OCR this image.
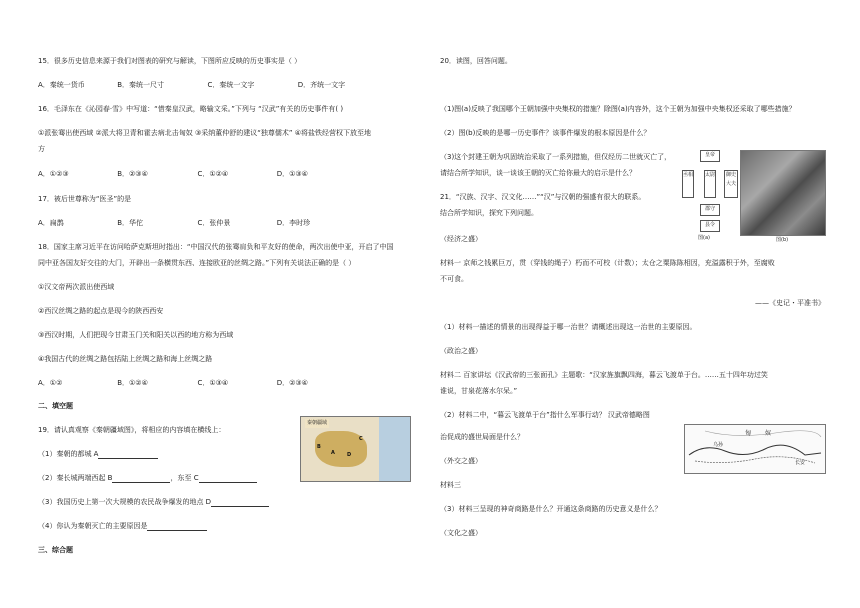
15．很多历史信息来源于我们对图表的研究与解读，下图所应反映的历史事实是（ ）
A．秦统一货币	B．秦统一尺寸	C．秦统一文字	D．齐统一文字
16．毛泽东在《沁园春·雪》中写道：“惜秦皇汉武，略输文采。”下列与 “汉武”有关的历史事件有( )
①派张骞出使西域 ②派大将卫青和霍去病北击匈奴 ③采纳董仲舒的建议“独尊儒术” ④将盐铁经营权下放至地
方
A．①②③	B．②③④	C．①②④	D．①③④
17．被后世尊称为“医圣”的是
A．扁鹊	B．华佗	C．张仲景	D．李时珍
18．国家主席习近平在访问哈萨克斯坦时指出：“中国汉代的张骞肩负和平友好的使命，两次出使中亚，开启了中国
同中亚各国友好交往的大门，开辟出一条横贯东西、连接欧亚的丝绸之路。”下列有关说法正确的是（ ）
①汉文帝两次派出使西域
②西汉丝绸之路的起点是现今的陕西西安
③西汉时期，人们把现今甘肃玉门关和阳关以西的地方称为西域
④我国古代的丝绸之路包括陆上丝绸之路和海上丝绸之路
A．①②	B．①②④	C．①③④	D．②③④
二、填空题
19．请认真观察《秦朝疆域图》，将相应的内容填在横线上：
（1）秦朝的都城 A
（2）秦长城两端西起 B	，东至 C
（3）我国历史上第一次大规模的农民战争爆发的地点 D
（4）你认为秦朝灭亡的主要原因是
三、综合题
秦朝疆域
A
B
C
D
20．读图，回答问题。
（1)图(a)反映了我国哪个王朝加强中央集权的措施？除图(a)内容外，这个王朝为加强中央集权还采取了哪些措施？
（2）图(b)反映的是哪一历史事件？该事件爆发的根本原因是什么？
（3)这个封建王朝为巩固统治采取了一系列措施，但仅经历二世就灭亡了，
请结合所学知识，谈一谈该王朝的灭亡给你最大的启示是什么？
皇帝
丞相 太尉	御史大夫
郡守
县令
图(a)	图(b)
21．“汉族、汉字、汉文化……”“汉”与汉朝的强盛有很大的联系。
结合所学知识，探究下列问题。
（经济之盛）
材料一 京师之钱累巨万，贯（穿钱的绳子）朽而不可校（计数）；太仓之粟陈陈相因，充溢露积于外，至腐败
不可食。
——《史记・平准书》
（1）材料一描述的情景的出现得益于哪一治世？请概述出现这一治世的主要原因。
（政治之盛）
材料二 百家讲坛《汉武帝的三张面孔》主题歌：“汉家旌旗飘四海，暮云飞渡单于台。……五十四年功过笑
谁说，甘泉花落水尔呆。”
（2）材料二中，“暮云飞渡单于台”指什么军事行动？ 汉武帝德略图
治促成的盛世局面是什么？
（外交之盛）
材料三
（3）材料三呈现的神奇商路是什么？开通这条商路的历史意义是什么？
（文化之盛）
匈 奴
乌孙
长安
